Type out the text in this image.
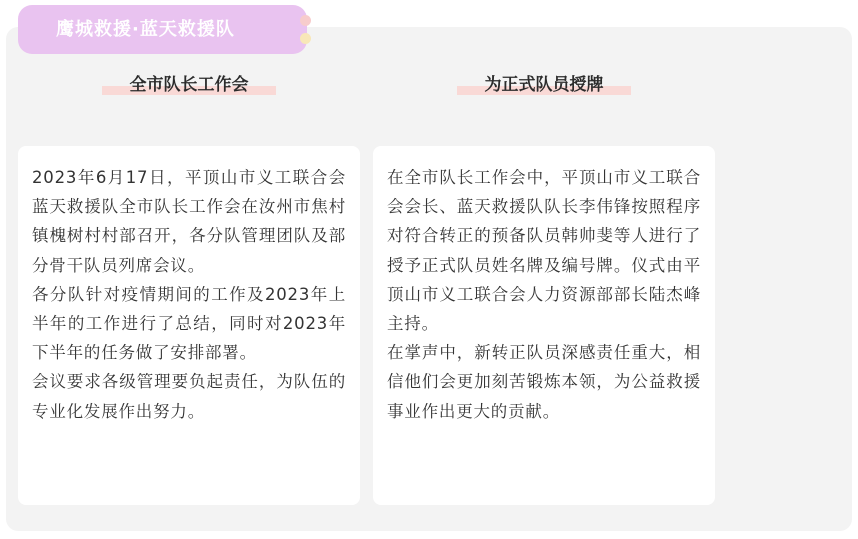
鹰城救援·蓝天救援队
全市队长工作会	为正式队员授牌

2023年6月17日，平顶山市义工联合会蓝天救援队全市队长工作会在汝州市焦村镇槐树村村部召开，各分队管理团队及部分骨干队员列席会议。

各分队针对疫情期间的工作及2023年上半年的工作进行了总结，同时对2023年下半年的任务做了安排部署。

会议要求各级管理要负起责任，为队伍的专业化发展作出努力。

在全市队长工作会中，平顶山市义工联合会会长、蓝天救援队队长李伟锋按照程序对符合转正的预备队员韩帅斐等人进行了授予正式队员姓名牌及编号牌。仪式由平顶山市义工联合会人力资源部部长陆杰峰主持。

在掌声中，新转正队员深感责任重大，相信他们会更加刻苦锻炼本领，为公益救援事业作出更大的贡献。
